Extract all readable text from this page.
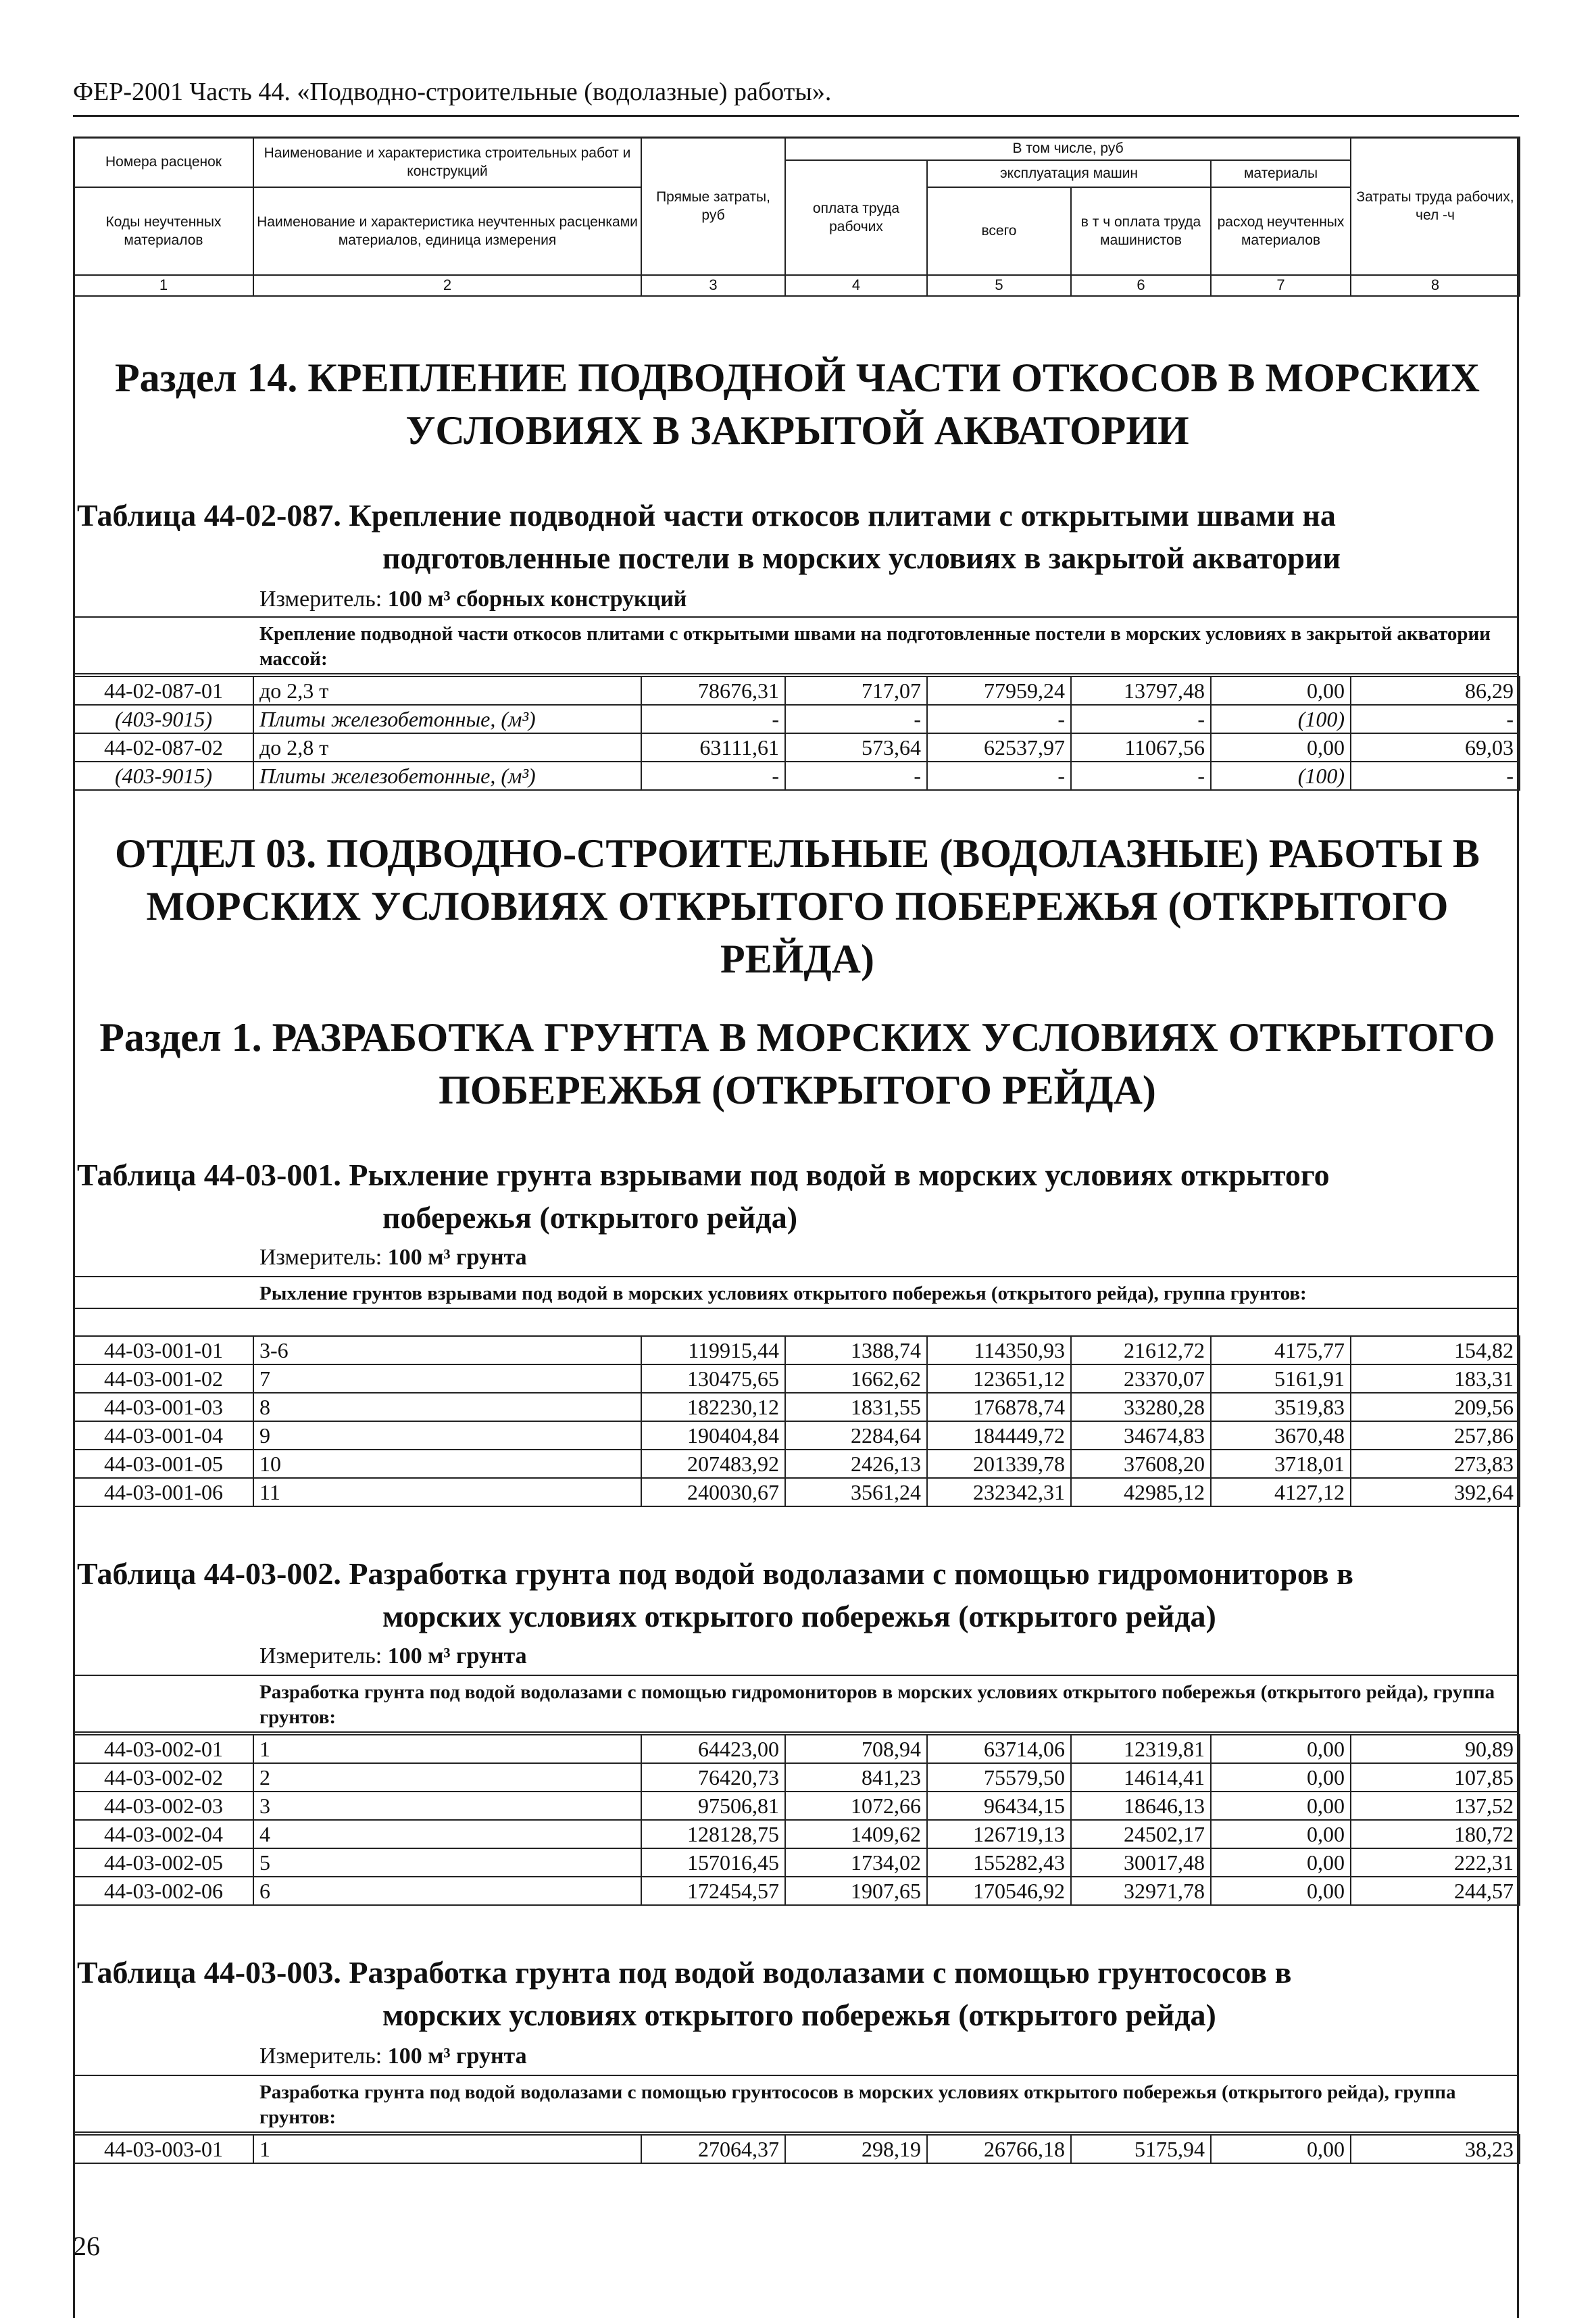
ФЕР-2001 Часть 44. «Подводно-строительные (водолазные) работы».
Номера расценок	Наименование и характеристика строительных работ и конструкций	Прямые затраты, руб	В том числе, руб				Затраты труда рабочих, чел -ч
			оплата труда рабочих	эксплуатация машин		материалы	
Коды неучтенных материалов	Наименование и характеристика неучтенных расценками материалов, единица измерения			всего	в т ч оплата труда машинистов	расход неучтенных материалов	

1	2	3	4	5	6	7	8
Раздел 14. КРЕПЛЕНИЕ ПОДВОДНОЙ ЧАСТИ ОТКОСОВ В МОРСКИХ УСЛОВИЯХ В ЗАКРЫТОЙ АКВАТОРИИ
Таблица 44-02-087. Крепление подводной части откосов плитами с открытыми швами на
подготовленные постели в морских условиях в закрытой акватории
Измеритель: 100 м³ сборных конструкций
Крепление подводной части откосов плитами с открытыми швами на подготовленные постели в морских условиях в закрытой акватории массой:
44-02-087-01	до 2,3 т	78676,31	717,07	77959,24	13797,48	0,00	86,29
(403-9015)	Плиты железобетонные, (м³)	-	-	-	-	(100)	-
44-02-087-02	до 2,8 т	63111,61	573,64	62537,97	11067,56	0,00	69,03
(403-9015)	Плиты железобетонные, (м³)	-	-	-	-	(100)	-
ОТДЕЛ 03. ПОДВОДНО-СТРОИТЕЛЬНЫЕ (ВОДОЛАЗНЫЕ) РАБОТЫ В МОРСКИХ УСЛОВИЯХ ОТКРЫТОГО ПОБЕРЕЖЬЯ (ОТКРЫТОГО РЕЙДА)
Раздел 1. РАЗРАБОТКА ГРУНТА В МОРСКИХ УСЛОВИЯХ ОТКРЫТОГО ПОБЕРЕЖЬЯ (ОТКРЫТОГО РЕЙДА)
Таблица 44-03-001. Рыхление грунта взрывами под водой в морских условиях открытого
побережья (открытого рейда)
Измеритель: 100 м³ грунта
Рыхление грунтов взрывами под водой в морских условиях открытого побережья (открытого рейда), группа грунтов:
44-03-001-01	3-6	119915,44	1388,74	114350,93	21612,72	4175,77	154,82
44-03-001-02	7	130475,65	1662,62	123651,12	23370,07	5161,91	183,31
44-03-001-03	8	182230,12	1831,55	176878,74	33280,28	3519,83	209,56
44-03-001-04	9	190404,84	2284,64	184449,72	34674,83	3670,48	257,86
44-03-001-05	10	207483,92	2426,13	201339,78	37608,20	3718,01	273,83
44-03-001-06	11	240030,67	3561,24	232342,31	42985,12	4127,12	392,64
Таблица 44-03-002. Разработка грунта под водой водолазами с помощью гидромониторов в
морских условиях открытого побережья (открытого рейда)
Измеритель: 100 м³ грунта
Разработка грунта под водой водолазами с помощью гидромониторов в морских условиях открытого побережья (открытого рейда), группа грунтов:
44-03-002-01	1	64423,00	708,94	63714,06	12319,81	0,00	90,89
44-03-002-02	2	76420,73	841,23	75579,50	14614,41	0,00	107,85
44-03-002-03	3	97506,81	1072,66	96434,15	18646,13	0,00	137,52
44-03-002-04	4	128128,75	1409,62	126719,13	24502,17	0,00	180,72
44-03-002-05	5	157016,45	1734,02	155282,43	30017,48	0,00	222,31
44-03-002-06	6	172454,57	1907,65	170546,92	32971,78	0,00	244,57
Таблица 44-03-003. Разработка грунта под водой водолазами с помощью грунтососов в
морских условиях открытого побережья (открытого рейда)
Измеритель: 100 м³ грунта
Разработка грунта под водой водолазами с помощью грунтососов в морских условиях открытого побережья (открытого рейда), группа грунтов:
44-03-003-01	1	27064,37	298,19	26766,18	5175,94	0,00	38,23
26
